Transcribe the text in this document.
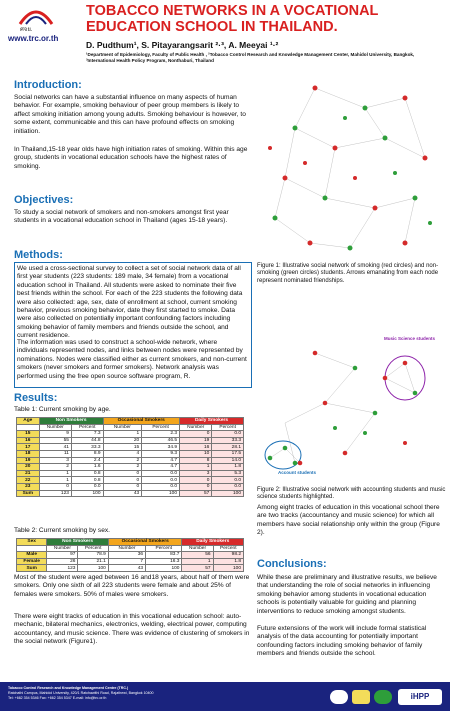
ศจย.
www.trc.or.th
TOBACCO NETWORKS IN A VOCATIONAL EDUCATION SCHOOL IN THAILAND.
D. Pudthum¹, S. Pitayarangsarit ²·³, A. Meeyai ¹·²
¹Department of Epidemiology, Faculty of Public Health , ²Tobacco Control Research and Knowledge Management Center, Mahidol University, Bangkok,
³International Health Policy Program, Nonthaburi, Thailand
Introduction:
Social networks can have a substantial influence on many aspects of human behavior. For example, smoking behaviour of peer group members is likely to affect smoking initiation among young adults. Smoking behaviour is however, to some extent, communicable and this can have profound effects on smoking initiation.
In Thailand,15-18 year olds have high initiation rates of smoking. Within this age group, students in vocational education schools have the highest rates of smoking.
Objectives:
To study a social network of smokers and non-smokers amongst first year students in a vocational education school in Thailand (ages 15-18 years).
Methods:
We used a cross-sectional survey to collect a set of social network data of all first year students (223 students: 189 male, 34 female) from a vocational education school in Thailand. All students were asked to nominate their five best friends within the school. For each of the 223 students the following data were also collected: age, sex, date of enrollment at school, current smoking behavior, previous smoking behavior, date they first started to smoke. Data were also collected on potentially important confounding factors including smoking behavior of family members and friends outside the school, and current residence.
The information was used to construct a school-wide network, where individuals represented nodes, and links between nodes were represented by nominations. Nodes were classified either as current smokers, and non-current smokers (never smokers and former smokers). Network analysis was performed using the free open source software program, R.
Figure 1: Illustrative social network of smoking (red circles) and non-smoking (green circles) students. Arrows emanating from each node represent nominated friendships.
Music Science students
Account students
Figure 2: Illustrative social network with accounting students and music science students highlighted.
Among eight tracks of education in this vocational school there are two tracks (accountancy and music science) for which all members have social relationship only within the group (Figure 2).
Results:
Table 1: Current smoking by age.
Age	Non Smokers		Occasional Smokers		Daily Smokers	
	Number	Percent	Number	Percent	Number	Percent
15	9	7.3	1	2.3	0	0.0
16	55	44.8	20	46.5	19	33.3
17	41	33.3	15	34.9	16	28.1
18	11	8.9	4	9.3	10	17.5
19	3	2.4	2	4.7	8	14.0
20	2	1.6	2	4.7	1	1.8
21	1	0.8	0	0.0	3	5.3
22	1	0.8	0	0.0	0	0.0
23	0	0.0	0	0.0	0	0.0
Sum	123	100	43	100	57	100
Table 2: Current smoking by sex.
Sex	Non Smokers		Occasional Smokers		Daily Smokers	
	Number	Percent	Number	Percent	Number	Percent
Male	97	78.9	36	83.7	56	98.2
Female	26	21.1	7	16.3	1	1.8
Sum	123	100	43	100	57	100
Most of the student were aged between 16 and18 years, about half of them were smokers. Only one sixth of all 223 students were female and about 25% of females were smokers. 50% of males were smokers.
There were eight tracks of education in this vocational education school: auto-mechanic, bilateral mechanics, electronics, welding, electrical power, computing accountancy, and music science. There was evidence of clustering of smokers in the social network (Figure1).
Conclusions:
While these are preliminary and illustrative results, we believe that understanding the role of social networks in influencing smoking behavior among students in vocational education schools is potentially valuable for guiding and planning interventions to reduce smoking amongst students.
Future extensions of the work will include formal statistical analysis of the data accounting for potentially important confounding factors including smoking behavior of family members and friends outside the school.
Tobacco Control Research and Knowledge Management Centre (TRC.)
Ratchathi Campus, Mahidol University, 420/1 Ratchawithi Road, Rajathewi, Bangkok 10400
Tel: +662 354 5346 Fax: +662 354 5347 E-mail: info@trc.or.th	iHPP
